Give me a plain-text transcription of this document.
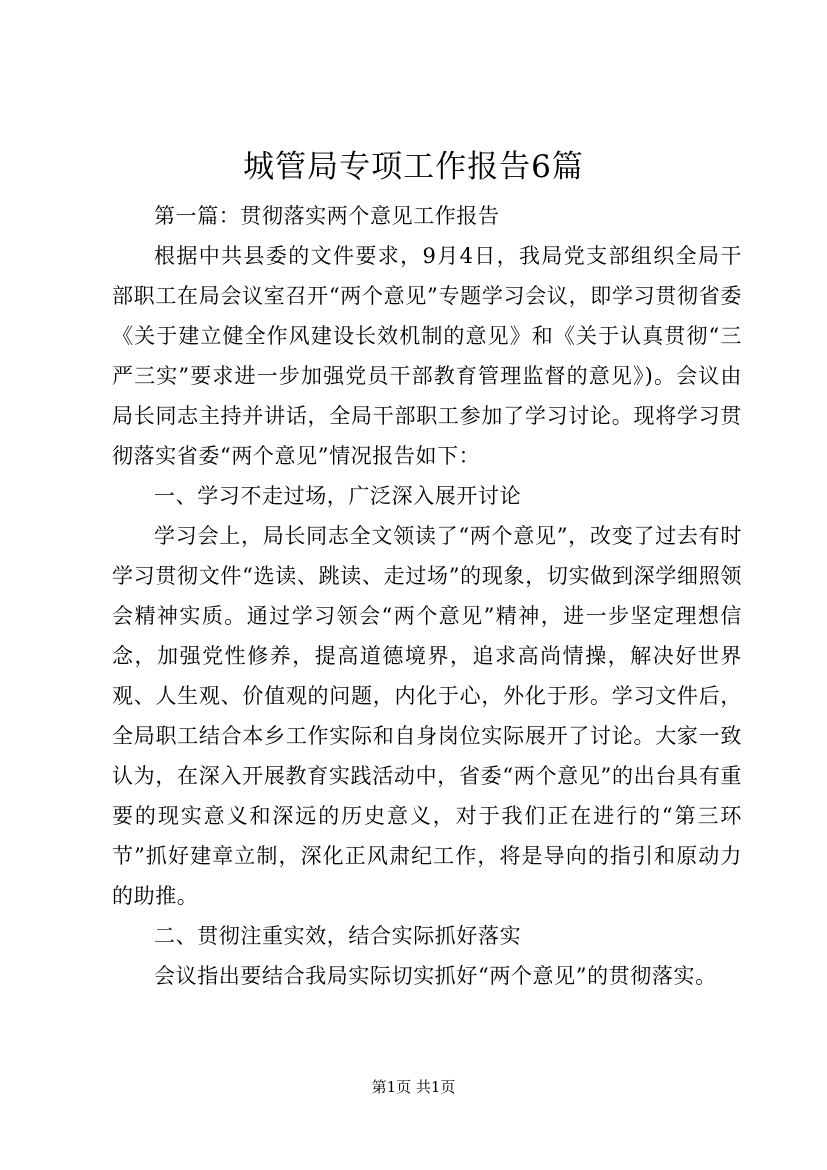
城管局专项工作报告6篇

第一篇：贯彻落实两个意见工作报告

根据中共县委的文件要求，9月4日，我局党支部组织全局干部职工在局会议室召开“两个意见”专题学习会议，即学习贯彻省委《关于建立健全作风建设长效机制的意见》和《关于认真贯彻“三严三实”要求进一步加强党员干部教育管理监督的意见》)。会议由局长同志主持并讲话，全局干部职工参加了学习讨论。现将学习贯彻落实省委“两个意见”情况报告如下：

一、学习不走过场，广泛深入展开讨论

学习会上，局长同志全文领读了“两个意见”，改变了过去有时学习贯彻文件“选读、跳读、走过场”的现象，切实做到深学细照领会精神实质。通过学习领会“两个意见”精神，进一步坚定理想信念，加强党性修养，提高道德境界，追求高尚情操，解决好世界观、人生观、价值观的问题，内化于心，外化于形。学习文件后，全局职工结合本乡工作实际和自身岗位实际展开了讨论。大家一致认为，在深入开展教育实践活动中，省委“两个意见”的出台具有重要的现实意义和深远的历史意义，对于我们正在进行的“第三环节”抓好建章立制，深化正风肃纪工作，将是导向的指引和原动力的助推。

二、贯彻注重实效，结合实际抓好落实

会议指出要结合我局实际切实抓好“两个意见”的贯彻落实。

第1页 共1页
